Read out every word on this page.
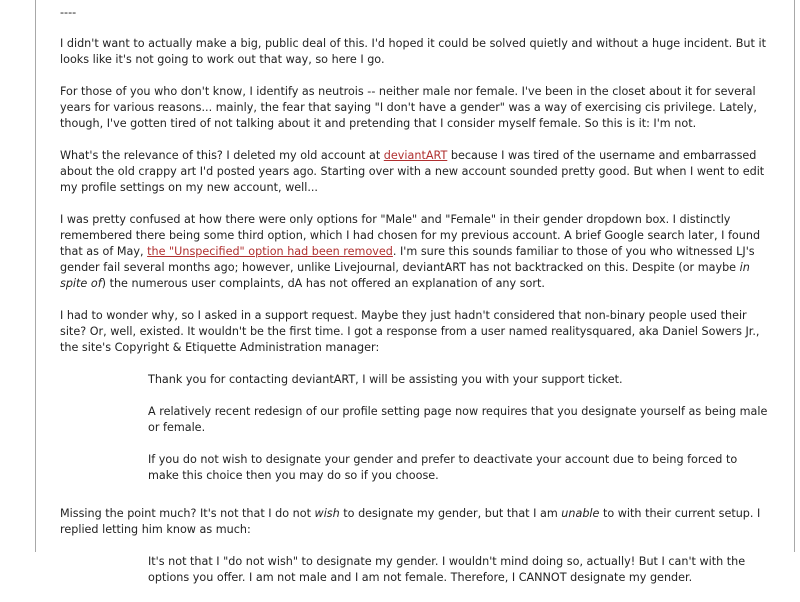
----

I didn't want to actually make a big, public deal of this. I'd hoped it could be solved quietly and without a huge incident. But it looks like it's not going to work out that way, so here I go.

For those of you who don't know, I identify as neutrois -- neither male nor female. I've been in the closet about it for several years for various reasons... mainly, the fear that saying "I don't have a gender" was a way of exercising cis privilege. Lately, though, I've gotten tired of not talking about it and pretending that I consider myself female. So this is it: I'm not.

What's the relevance of this? I deleted my old account at deviantART because I was tired of the username and embarrassed about the old crappy art I'd posted years ago. Starting over with a new account sounded pretty good. But when I went to edit my profile settings on my new account, well...

I was pretty confused at how there were only options for "Male" and "Female" in their gender dropdown box. I distinctly remembered there being some third option, which I had chosen for my previous account. A brief Google search later, I found that as of May, the "Unspecified" option had been removed. I'm sure this sounds familiar to those of you who witnessed LJ's gender fail several months ago; however, unlike Livejournal, deviantART has not backtracked on this. Despite (or maybe in spite of) the numerous user complaints, dA has not offered an explanation of any sort.

I had to wonder why, so I asked in a support request. Maybe they just hadn't considered that non-binary people used their site? Or, well, existed. It wouldn't be the first time. I got a response from a user named realitysquared, aka Daniel Sowers Jr., the site's Copyright & Etiquette Administration manager:

Thank you for contacting deviantART, I will be assisting you with your support ticket.

A relatively recent redesign of our profile setting page now requires that you designate yourself as being male or female.

If you do not wish to designate your gender and prefer to deactivate your account due to being forced to make this choice then you may do so if you choose.

Missing the point much? It's not that I do not wish to designate my gender, but that I am unable to with their current setup. I replied letting him know as much:

It's not that I "do not wish" to designate my gender. I wouldn't mind doing so, actually! But I can't with the options you offer. I am not male and I am not female. Therefore, I CANNOT designate my gender.
